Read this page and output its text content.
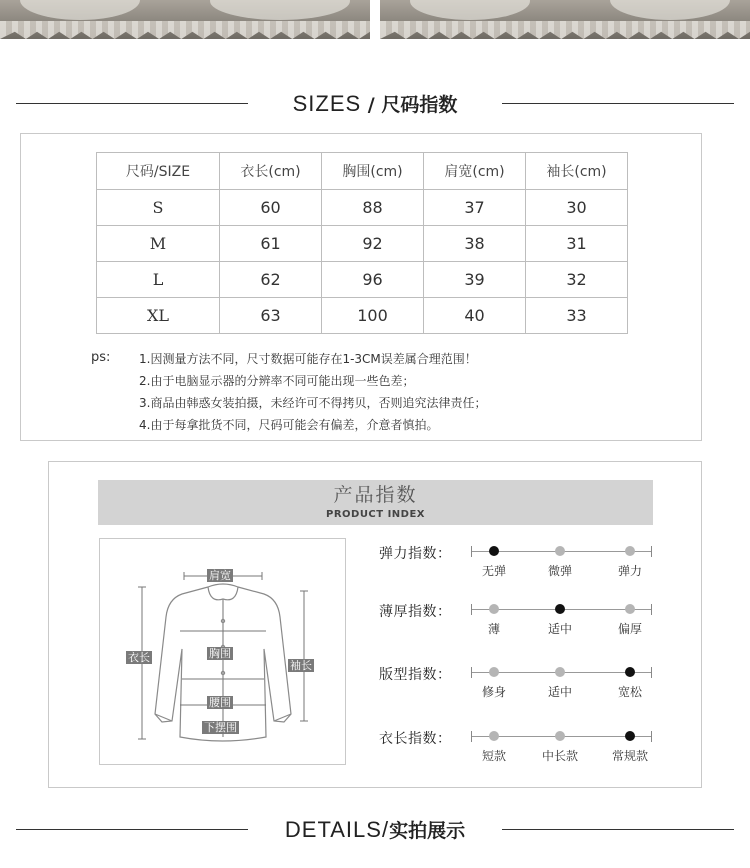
SIZES / 尺码指数
尺码/SIZE	衣长(cm)	胸围(cm)	肩宽(cm)	袖长(cm)
S	60	88	37	30
M	61	92	38	31
L	62	96	39	32
XL	63	100	40	33
ps: 1.因测量方法不同，尺寸数据可能存在1-3CM误差属合理范围！
2.由于电脑显示器的分辨率不同可能出现一些色差；
3.商品由韩惑女装拍摄，未经许可不得拷贝，否则追究法律责任；
4.由于每拿批货不同，尺码可能会有偏差，介意者慎拍。
产品指数
PRODUCT INDEX
肩宽
衣长	胸围
袖长
腰围
下摆围
弹力指数：
无弹	微弹	弹力
薄厚指数：
薄	适中	偏厚
版型指数：
修身	适中	宽松
衣长指数：
短款	中长款	常规款
DETAILS/实拍展示
